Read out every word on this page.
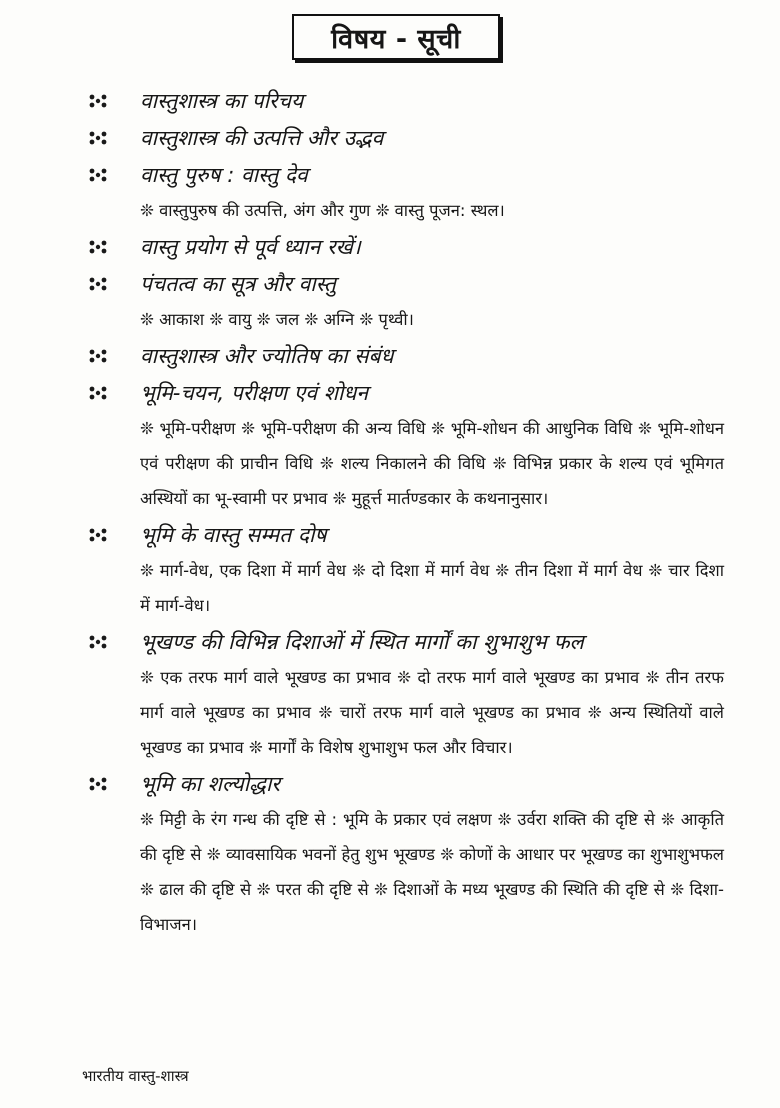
विषय - सूची
वास्तुशास्त्र का परिचय
वास्तुशास्त्र की उत्पत्ति और उद्भव
वास्तु पुरुष : वास्तु देव
❊ वास्तुपुरुष की उत्पत्ति, अंग और गुण ❊ वास्तु पूजन: स्थल।
वास्तु प्रयोग से पूर्व ध्यान रखें।
पंचतत्व का सूत्र और वास्तु
❊ आकाश ❊ वायु ❊ जल ❊ अग्नि ❊ पृथ्वी।
वास्तुशास्त्र और ज्योतिष का संबंध
भूमि-चयन, परीक्षण एवं शोधन
❊ भूमि-परीक्षण ❊ भूमि-परीक्षण की अन्य विधि ❊ भूमि-शोधन की आधुनिक विधि ❊ भूमि-शोधन एवं परीक्षण की प्राचीन विधि ❊ शल्य निकालने की विधि ❊ विभिन्न प्रकार के शल्य एवं भूमिगत अस्थियों का भू-स्वामी पर प्रभाव ❊ मुहूर्त्त मार्तण्डकार के कथनानुसार।
भूमि के वास्तु सम्मत दोष
❊ मार्ग-वेध, एक दिशा में मार्ग वेध ❊ दो दिशा में मार्ग वेध ❊ तीन दिशा में मार्ग वेध ❊ चार दिशा में मार्ग-वेध।
भूखण्ड की विभिन्न दिशाओं में स्थित मार्गों का शुभाशुभ फल
❊ एक तरफ मार्ग वाले भूखण्ड का प्रभाव ❊ दो तरफ मार्ग वाले भूखण्ड का प्रभाव ❊ तीन तरफ मार्ग वाले भूखण्ड का प्रभाव ❊ चारों तरफ मार्ग वाले भूखण्ड का प्रभाव ❊ अन्य स्थितियों वाले भूखण्ड का प्रभाव ❊ मार्गों के विशेष शुभाशुभ फल और विचार।
भूमि का शल्योद्धार
❊ मिट्टी के रंग गन्ध की दृष्टि से : भूमि के प्रकार एवं लक्षण ❊ उर्वरा शक्ति की दृष्टि से ❊ आकृति की दृष्टि से ❊ व्यावसायिक भवनों हेतु शुभ भूखण्ड ❊ कोणों के आधार पर भूखण्ड का शुभाशुभफल ❊ ढाल की दृष्टि से ❊ परत की दृष्टि से ❊ दिशाओं के मध्य भूखण्ड की स्थिति की दृष्टि से ❊ दिशा- विभाजन।
भारतीय वास्तु-शास्त्र
